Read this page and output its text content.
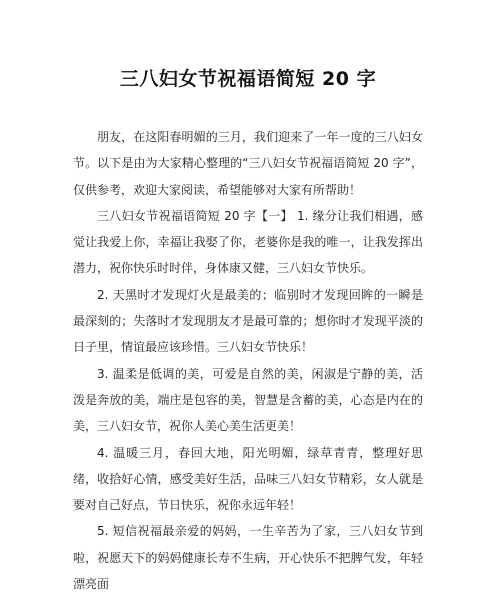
三八妇女节祝福语简短 20 字

朋友，在这阳春明媚的三月，我们迎来了一年一度的三八妇女节。以下是由为大家精心整理的“三八妇女节祝福语简短 20 字”，仅供参考，欢迎大家阅读，希望能够对大家有所帮助！

三八妇女节祝福语简短 20 字【一】 1. 缘分让我们相遇，感觉让我爱上你，幸福让我娶了你，老婆你是我的唯一，让我发挥出潜力，祝你快乐时时伴，身体康又健，三八妇女节快乐。

2. 天黑时才发现灯火是最美的；临别时才发现回眸的一瞬是最深刻的；失落时才发现朋友才是最可靠的；想你时才发现平淡的日子里，情谊最应该珍惜。三八妇女节快乐！

3. 温柔是低调的美，可爱是自然的美，闲淑是宁静的美，活泼是奔放的美，端庄是包容的美，智慧是含蓄的美，心态是内在的美，三八妇女节，祝你人美心美生活更美！

4. 温暖三月，春回大地，阳光明媚，绿草青青，整理好思绪，收拾好心情，感受美好生活，品味三八妇女节精彩，女人就是要对自己好点，节日快乐，祝你永远年轻！

5. 短信祝福最亲爱的妈妈，一生辛苦为了家，三八妇女节到啦，祝愿天下的妈妈健康长寿不生病，开心快乐不把脾气发，年轻漂亮面
